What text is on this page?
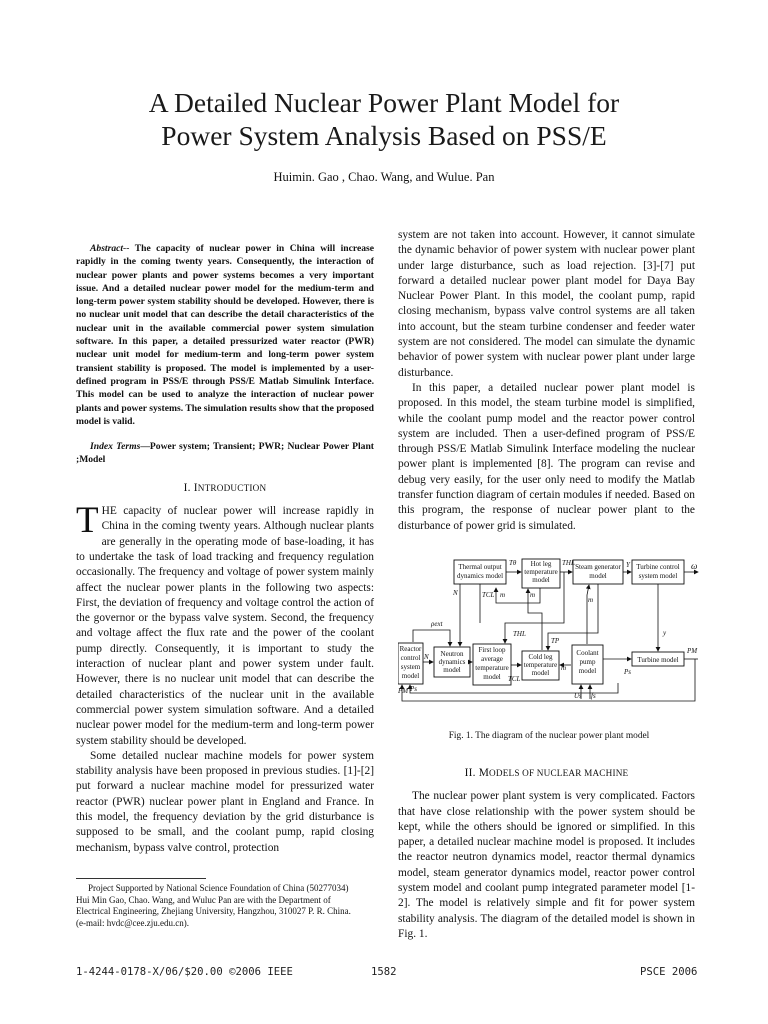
A Detailed Nuclear Power Plant Model for
Power System Analysis Based on PSS/E
Huimin. Gao , Chao. Wang, and Wulue. Pan

Abstract-- The capacity of nuclear power in China will increase rapidly in the coming twenty years. Consequently, the interaction of nuclear power plants and power systems becomes a very important issue. And a detailed nuclear power model for the medium-term and long-term power system stability should be developed. However, there is no nuclear unit model that can describe the detail characteristics of the nuclear unit in the available commercial power system simulation software. In this paper, a detailed pressurized water reactor (PWR) nuclear unit model for medium-term and long-term power system transient stability is proposed. The model is implemented by a user-defined program in PSS/E through PSS/E Matlab Simulink Interface. This model can be used to analyze the interaction of nuclear power plants and power systems. The simulation results show that the proposed model is valid.

Index Terms—Power system; Transient; PWR; Nuclear Power Plant ;Model

I. INTRODUCTION

THE capacity of nuclear power will increase rapidly in China in the coming twenty years. Although nuclear plants are generally in the operating mode of base-loading, it has to undertake the task of load tracking and frequency regulation occasionally. The frequency and voltage of power system mainly affect the nuclear power plants in the following two aspects: First, the deviation of frequency and voltage control the action of the governor or the bypass valve system. Second, the frequency and voltage affect the flux rate and the power of the coolant pump directly. Consequently, it is important to study the interaction of nuclear plant and power system under fault. However, there is no nuclear unit model that can describe the detailed characteristics of the nuclear unit in the available commercial power system simulation software. And a detailed nuclear power model for the medium-term and long-term power system stability should be developed.

Some detailed nuclear machine models for power system stability analysis have been proposed in previous studies. [1]-[2] put forward a nuclear machine model for pressurized water reactor (PWR) nuclear power plant in England and France. In this model, the frequency deviation by the grid disturbance is supposed to be small, and the coolant pump, rapid closing mechanism, bypass valve control, protection

system are not taken into account. However, it cannot simulate the dynamic behavior of power system with nuclear power plant under large disturbance, such as load rejection. [3]-[7] put forward a detailed nuclear power plant model for Daya Bay Nuclear Power Plant. In this model, the coolant pump, rapid closing mechanism, bypass valve control systems are all taken into account, but the steam turbine condenser and feeder water system are not considered. The model can simulate the dynamic behavior of power system with nuclear power plant under large disturbance.

In this paper, a detailed nuclear power plant model is proposed. In this model, the steam turbine model is simplified, while the coolant pump model and the reactor power control system are included. Then a user-defined program of PSS/E through PSS/E Matlab Simulink Interface modeling the nuclear power plant is implemented [8]. The program can revise and debug very easily, for the user only need to modify the Matlab transfer function diagram of certain modules if needed. Based on this program, the response of nuclear power plant to the disturbance of power grid is simulated.

Thermal output
dynamics model
Hot leg
temperature
model
Steam generator
model
Turbine control
system model
Reactor
control
system
model
Neutron
dynamics
model
First loop
average
temperature
model
Cold leg
temperature
model
Coolant
pump
model
Turbine model
Tθ	THL	Y	ω
N	TCL m	m
m
ρext
THL
TP
y
PM
Ps
N
TCL
m
Us fs
PM Ps
Fig. 1. The diagram of the nuclear power plant model
II. MODELS OF NUCLEAR MACHINE

The nuclear power plant system is very complicated. Factors that have close relationship with the power system should be kept, while the others should be ignored or simplified. In this paper, a detailed nuclear machine model is proposed. It includes the reactor neutron dynamics model, reactor thermal dynamics model, steam generator dynamics model, reactor power control system model and coolant pump integrated parameter model [1-2]. The model is relatively simple and fit for power system stability analysis. The diagram of the detailed model is shown in Fig. 1.

Project Supported by National Science Foundation of China (50277034)
Hui Min Gao, Chao. Wang, and Wuluc Pan are with the Department of
Electrical Engineering, Zhejiang University, Hangzhou, 310027 P. R. China.
(e-mail: hvdc@cee.zju.edu.cn).
1-4244-0178-X/06/$20.00 ©2006 IEEE	1582	PSCE 2006
